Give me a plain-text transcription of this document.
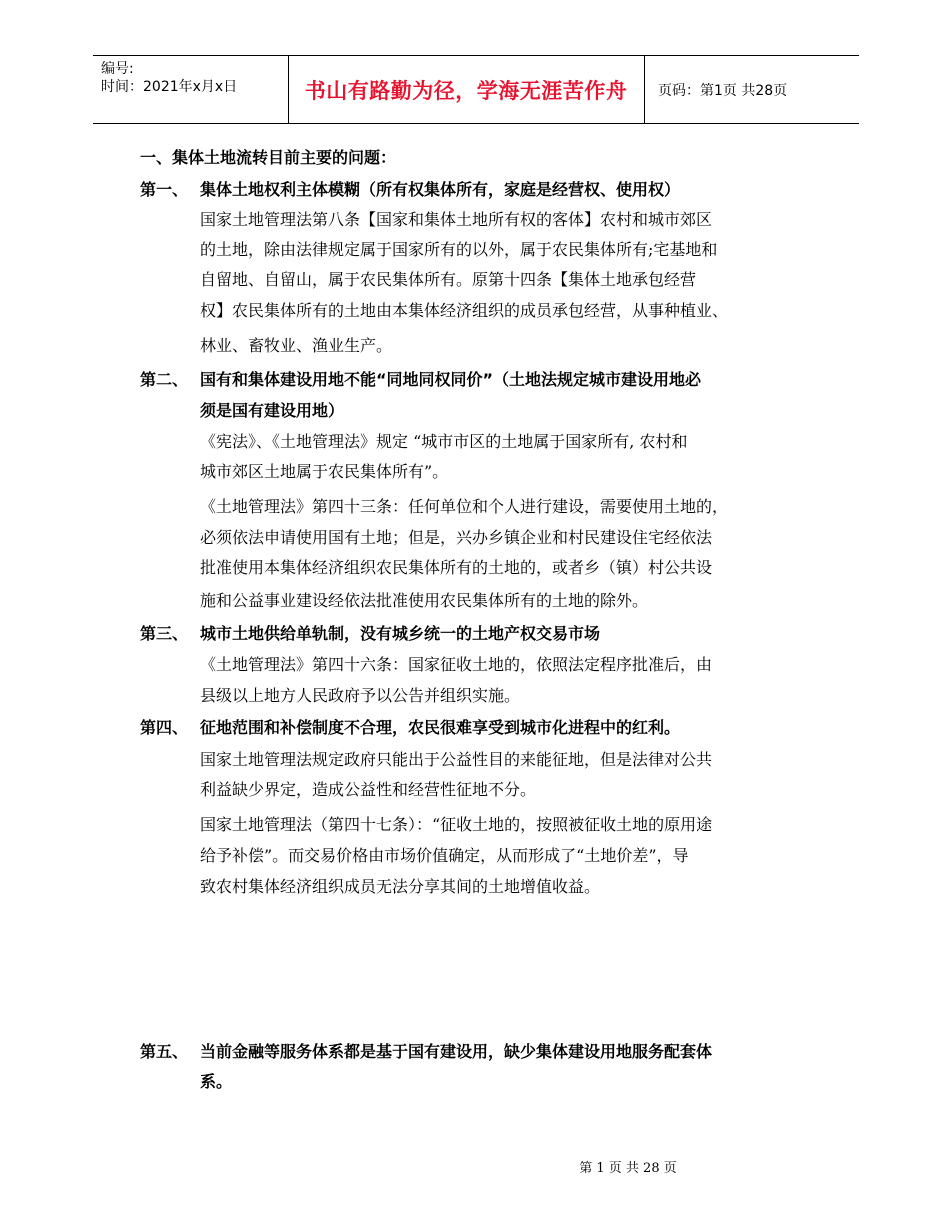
编号:
时间：2021年x月x日	书山有路勤为径，学海无涯苦作舟	页码：第1页 共28页
一、集体土地流转目前主要的问题：
第一、 集体土地权利主体模糊（所有权集体所有，家庭是经营权、使用权）
国家土地管理法第八条【国家和集体土地所有权的客体】农村和城市郊区
的土地，除由法律规定属于国家所有的以外，属于农民集体所有;宅基地和
自留地、自留山，属于农民集体所有。原第十四条【集体土地承包经营
权】农民集体所有的土地由本集体经济组织的成员承包经营，从事种植业、
林业、畜牧业、渔业生产。
第二、 国有和集体建设用地不能“同地同权同价”（土地法规定城市建设用地必
须是国有建设用地）
《宪法》、《土地管理法》规定 “城市市区的土地属于国家所有, 农村和
城市郊区土地属于农民集体所有”。
《土地管理法》第四十三条：任何单位和个人进行建设，需要使用土地的，
必须依法申请使用国有土地；但是，兴办乡镇企业和村民建设住宅经依法
批准使用本集体经济组织农民集体所有的土地的，或者乡（镇）村公共设
施和公益事业建设经依法批准使用农民集体所有的土地的除外。
第三、 城市土地供给单轨制，没有城乡统一的土地产权交易市场
《土地管理法》第四十六条：国家征收土地的，依照法定程序批准后，由
县级以上地方人民政府予以公告并组织实施。
第四、 征地范围和补偿制度不合理，农民很难享受到城市化进程中的红利。
国家土地管理法规定政府只能出于公益性目的来能征地，但是法律对公共
利益缺少界定，造成公益性和经营性征地不分。
国家土地管理法（第四十七条）：“征收土地的，按照被征收土地的原用途
给予补偿”。而交易价格由市场价值确定，从而形成了“土地价差”，导
致农村集体经济组织成员无法分享其间的土地增值收益。
第五、 当前金融等服务体系都是基于国有建设用，缺少集体建设用地服务配套体
系。
第 1 页 共 28 页
